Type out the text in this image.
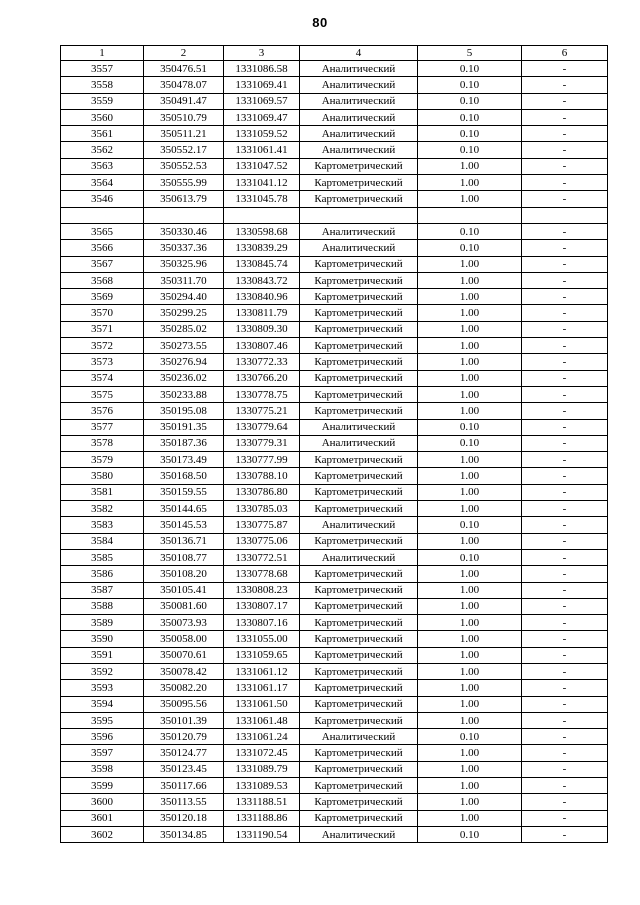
80
1	2	3	4	5	6
3557	350476.51	1331086.58	Аналитический	0.10	-
3558	350478.07	1331069.41	Аналитический	0.10	-
3559	350491.47	1331069.57	Аналитический	0.10	-
3560	350510.79	1331069.47	Аналитический	0.10	-
3561	350511.21	1331059.52	Аналитический	0.10	-
3562	350552.17	1331061.41	Аналитический	0.10	-
3563	350552.53	1331047.52	Картометрический	1.00	-
3564	350555.99	1331041.12	Картометрический	1.00	-
3546	350613.79	1331045.78	Картометрический	1.00	-

3565	350330.46	1330598.68	Аналитический	0.10	-
3566	350337.36	1330839.29	Аналитический	0.10	-
3567	350325.96	1330845.74	Картометрический	1.00	-
3568	350311.70	1330843.72	Картометрический	1.00	-
3569	350294.40	1330840.96	Картометрический	1.00	-
3570	350299.25	1330811.79	Картометрический	1.00	-
3571	350285.02	1330809.30	Картометрический	1.00	-
3572	350273.55	1330807.46	Картометрический	1.00	-
3573	350276.94	1330772.33	Картометрический	1.00	-
3574	350236.02	1330766.20	Картометрический	1.00	-
3575	350233.88	1330778.75	Картометрический	1.00	-
3576	350195.08	1330775.21	Картометрический	1.00	-
3577	350191.35	1330779.64	Аналитический	0.10	-
3578	350187.36	1330779.31	Аналитический	0.10	-
3579	350173.49	1330777.99	Картометрический	1.00	-
3580	350168.50	1330788.10	Картометрический	1.00	-
3581	350159.55	1330786.80	Картометрический	1.00	-
3582	350144.65	1330785.03	Картометрический	1.00	-
3583	350145.53	1330775.87	Аналитический	0.10	-
3584	350136.71	1330775.06	Картометрический	1.00	-
3585	350108.77	1330772.51	Аналитический	0.10	-
3586	350108.20	1330778.68	Картометрический	1.00	-
3587	350105.41	1330808.23	Картометрический	1.00	-
3588	350081.60	1330807.17	Картометрический	1.00	-
3589	350073.93	1330807.16	Картометрический	1.00	-
3590	350058.00	1331055.00	Картометрический	1.00	-
3591	350070.61	1331059.65	Картометрический	1.00	-
3592	350078.42	1331061.12	Картометрический	1.00	-
3593	350082.20	1331061.17	Картометрический	1.00	-
3594	350095.56	1331061.50	Картометрический	1.00	-
3595	350101.39	1331061.48	Картометрический	1.00	-
3596	350120.79	1331061.24	Аналитический	0.10	-
3597	350124.77	1331072.45	Картометрический	1.00	-
3598	350123.45	1331089.79	Картометрический	1.00	-
3599	350117.66	1331089.53	Картометрический	1.00	-
3600	350113.55	1331188.51	Картометрический	1.00	-
3601	350120.18	1331188.86	Картометрический	1.00	-
3602	350134.85	1331190.54	Аналитический	0.10	-
